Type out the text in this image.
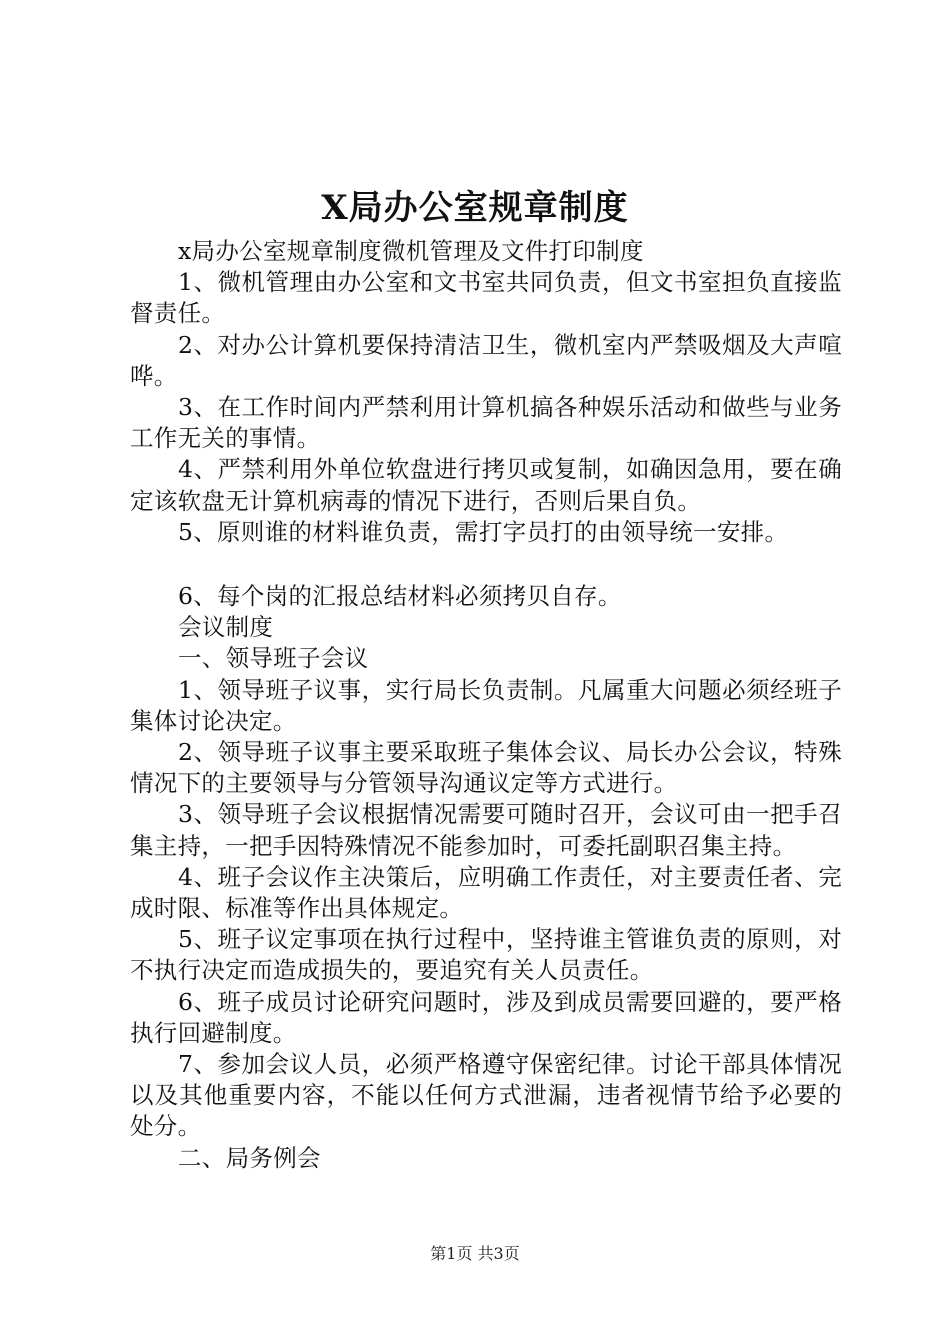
X局办公室规章制度

x局办公室规章制度微机管理及文件打印制度

1、微机管理由办公室和文书室共同负责，但文书室担负直接监督责任。

2、对办公计算机要保持清洁卫生，微机室内严禁吸烟及大声喧哗。

3、在工作时间内严禁利用计算机搞各种娱乐活动和做些与业务工作无关的事情。

4、严禁利用外单位软盘进行拷贝或复制，如确因急用，要在确定该软盘无计算机病毒的情况下进行，否则后果自负。

5、原则谁的材料谁负责，需打字员打的由领导统一安排。

6、每个岗的汇报总结材料必须拷贝自存。

会议制度

一、领导班子会议

1、领导班子议事，实行局长负责制。凡属重大问题必须经班子集体讨论决定。

2、领导班子议事主要采取班子集体会议、局长办公会议，特殊情况下的主要领导与分管领导沟通议定等方式进行。

3、领导班子会议根据情况需要可随时召开，会议可由一把手召集主持，一把手因特殊情况不能参加时，可委托副职召集主持。

4、班子会议作主决策后，应明确工作责任，对主要责任者、完成时限、标准等作出具体规定。

5、班子议定事项在执行过程中，坚持谁主管谁负责的原则，对不执行决定而造成损失的，要追究有关人员责任。

6、班子成员讨论研究问题时，涉及到成员需要回避的，要严格执行回避制度。

7、参加会议人员，必须严格遵守保密纪律。讨论干部具体情况以及其他重要内容，不能以任何方式泄漏，违者视情节给予必要的处分。

二、局务例会

第1页 共3页
